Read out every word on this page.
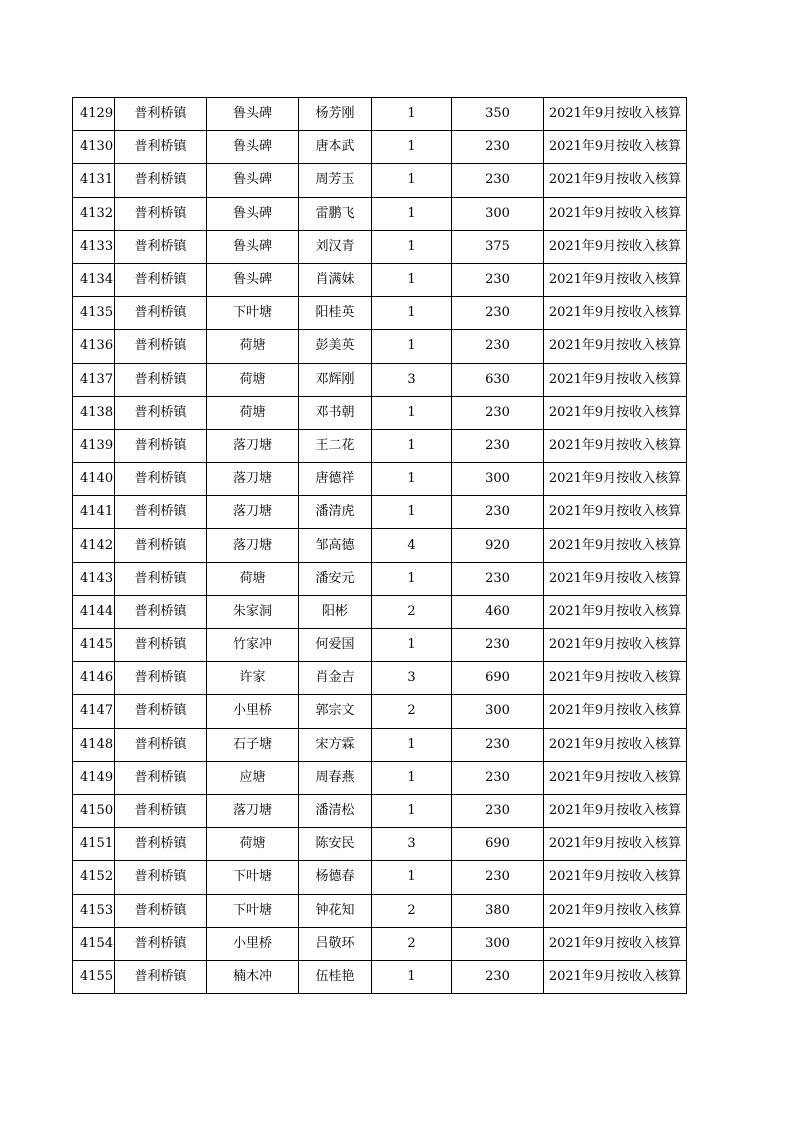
4129	普利桥镇	鲁头碑	杨芳刚	1	350	2021年9月按收入核算
4130	普利桥镇	鲁头碑	唐本武	1	230	2021年9月按收入核算
4131	普利桥镇	鲁头碑	周芳玉	1	230	2021年9月按收入核算
4132	普利桥镇	鲁头碑	雷鹏飞	1	300	2021年9月按收入核算
4133	普利桥镇	鲁头碑	刘汉青	1	375	2021年9月按收入核算
4134	普利桥镇	鲁头碑	肖满妹	1	230	2021年9月按收入核算
4135	普利桥镇	下叶塘	阳桂英	1	230	2021年9月按收入核算
4136	普利桥镇	荷塘	彭美英	1	230	2021年9月按收入核算
4137	普利桥镇	荷塘	邓辉刚	3	630	2021年9月按收入核算
4138	普利桥镇	荷塘	邓书朝	1	230	2021年9月按收入核算
4139	普利桥镇	落刀塘	王二花	1	230	2021年9月按收入核算
4140	普利桥镇	落刀塘	唐德祥	1	300	2021年9月按收入核算
4141	普利桥镇	落刀塘	潘清虎	1	230	2021年9月按收入核算
4142	普利桥镇	落刀塘	邹高德	4	920	2021年9月按收入核算
4143	普利桥镇	荷塘	潘安元	1	230	2021年9月按收入核算
4144	普利桥镇	朱家洞	阳彬	2	460	2021年9月按收入核算
4145	普利桥镇	竹家冲	何爱国	1	230	2021年9月按收入核算
4146	普利桥镇	许家	肖金吉	3	690	2021年9月按收入核算
4147	普利桥镇	小里桥	郭宗文	2	300	2021年9月按收入核算
4148	普利桥镇	石子塘	宋方霖	1	230	2021年9月按收入核算
4149	普利桥镇	应塘	周春燕	1	230	2021年9月按收入核算
4150	普利桥镇	落刀塘	潘清松	1	230	2021年9月按收入核算
4151	普利桥镇	荷塘	陈安民	3	690	2021年9月按收入核算
4152	普利桥镇	下叶塘	杨德春	1	230	2021年9月按收入核算
4153	普利桥镇	下叶塘	钟花知	2	380	2021年9月按收入核算
4154	普利桥镇	小里桥	吕敬环	2	300	2021年9月按收入核算
4155	普利桥镇	楠木冲	伍桂艳	1	230	2021年9月按收入核算
